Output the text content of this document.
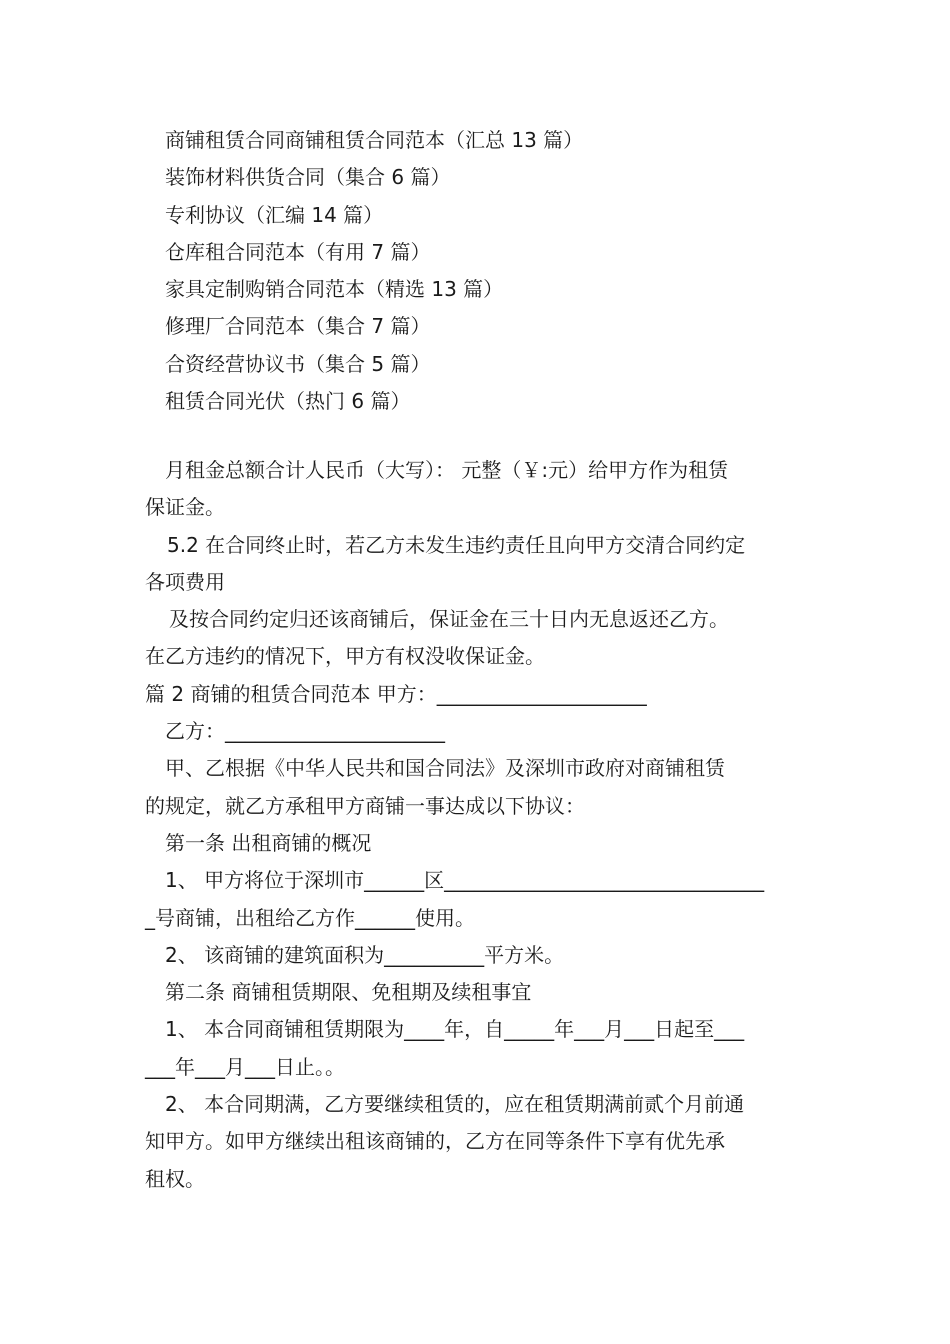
商铺租赁合同商铺租赁合同范本（汇总 13 篇）
装饰材料供货合同（集合 6 篇）
专利协议（汇编 14 篇）
仓库租合同范本（有用 7 篇）
家具定制购销合同范本（精选 13 篇）
修理厂合同范本（集合 7 篇）
合资经营协议书（集合 5 篇）
租赁合同光伏（热门 6 篇）
月租金总额合计人民币（大写）： 元整（￥:元）给甲方作为租赁
保证金。
5.2 在合同终止时，若乙方未发生违约责任且向甲方交清合同约定
各项费用
及按合同约定归还该商铺后，保证金在三十日内无息返还乙方。
在乙方违约的情况下，甲方有权没收保证金。
篇 2 商铺的租赁合同范本 甲方：_____________________
乙方：______________________
甲、乙根据《中华人民共和国合同法》及深圳市政府对商铺租赁
的规定，就乙方承租甲方商铺一事达成以下协议：
第一条 出租商铺的概况
1、 甲方将位于深圳市______区________________________________
_号商铺，出租给乙方作______使用。
2、 该商铺的建筑面积为__________平方米。
第二条 商铺租赁期限、免租期及续租事宜
1、 本合同商铺租赁期限为____年，自_____年___月___日起至___
___年___月___日止。。
2、 本合同期满，乙方要继续租赁的，应在租赁期满前贰个月前通
知甲方。如甲方继续出租该商铺的，乙方在同等条件下享有优先承
租权。
